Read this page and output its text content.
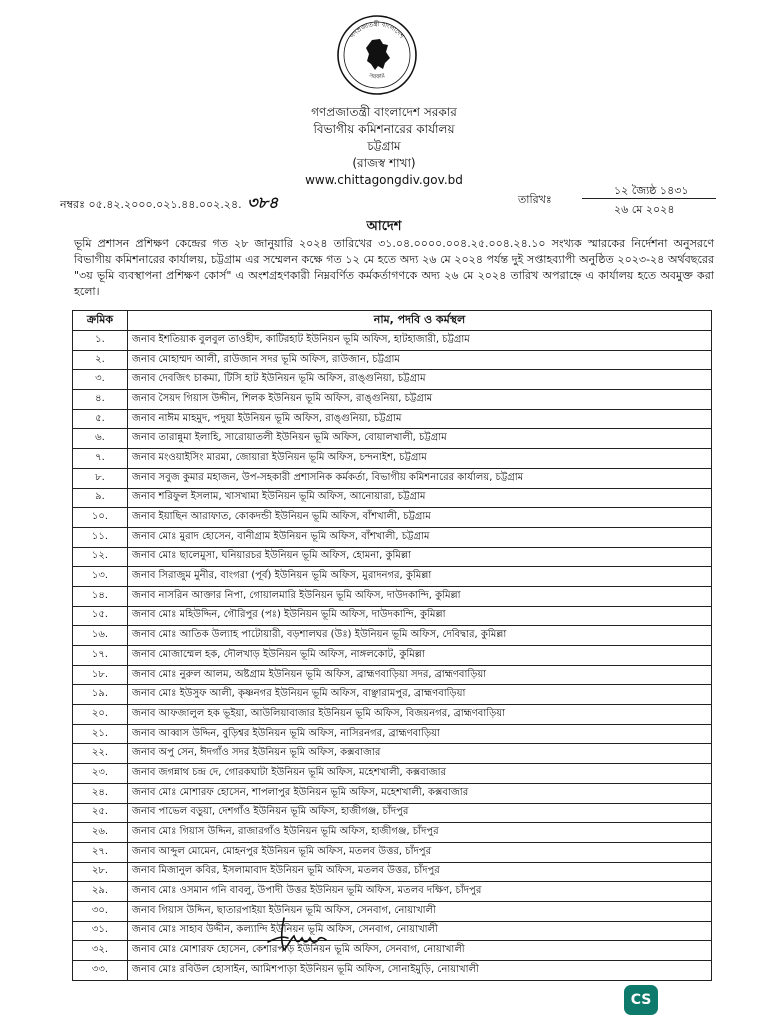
গণপ্রজাতন্ত্রী বাংলাদেশ
সরকার
গণপ্রজাতন্ত্রী বাংলাদেশ সরকার
বিভাগীয় কমিশনারের কার্যালয়
চট্টগ্রাম
(রাজস্ব শাখা)
www.chittagongdiv.gov.bd
নম্বরঃ ০৫.৪২.২০০০.০২১.৪৪.০০২.২৪. ৩৮৪	তারিখঃ
১২ জ্যৈষ্ঠ ১৪৩১
২৬ মে ২০২৪
আদেশ
ভূমি প্রশাসন প্রশিক্ষণ কেন্দ্রের গত ২৮ জানুয়ারি ২০২৪ তারিখের ৩১.০৪.০০০০.০০৪.২৫.০০৪.২৪.১০ সংখ্যক স্মারকের নির্দেশনা অনুসরণে বিভাগীয় কমিশনারের কার্যালয়, চট্টগ্রাম এর সম্মেলন কক্ষে গত ১২ মে হতে অদ্য ২৬ মে ২০২৪ পর্যন্ত দুই সপ্তাহব্যাপী অনুষ্ঠিত ২০২৩-২৪ অর্থবছরের "৩য় ভূমি ব্যবস্থাপনা প্রশিক্ষণ কোর্স" এ অংশগ্রহণকারী নিম্নবর্ণিত কর্মকর্তাগণকে অদ্য ২৬ মে ২০২৪ তারিখ অপরাহ্নে এ কার্যালয় হতে অবমুক্ত করা হলো।
ক্রমিক	নাম, পদবি ও কর্মস্থল
১.	জনাব ইশতিয়াক বুলবুল তাওহীদ, কাটিরহাট ইউনিয়ন ভূমি অফিস, হাটহাজারী, চট্টগ্রাম
২.	জনাব মোহাম্মদ আলী, রাউজান সদর ভূমি অফিস, রাউজান, চট্টগ্রাম
৩.	জনাব দেবজিৎ চাকমা, টিসি হাট ইউনিয়ন ভূমি অফিস, রাঙ্গুনিয়া, চট্টগ্রাম
৪.	জনাব সৈয়দ গিয়াস উদ্দীন, শিলক ইউনিয়ন ভূমি অফিস, রাঙ্গুনিয়া, চট্টগ্রাম
৫.	জনাব নাঈম মাহমুদ, পদুয়া ইউনিয়ন ভূমি অফিস, রাঙ্গুনিয়া, চট্টগ্রাম
৬.	জনাব তারান্নুমা ইলাহি, সারোয়াতলী ইউনিয়ন ভূমি অফিস, বোয়ালখালী, চট্টগ্রাম
৭.	জনাব মংওয়াইসিং মারমা, জোয়ারা ইউনিয়ন ভূমি অফিস, চন্দনাইশ, চট্টগ্রাম
৮.	জনাব সবুজ কুমার মহাজন, উপ-সহকারী প্রশাসনিক কর্মকর্তা, বিভাগীয় কমিশনারের কার্যালয়, চট্টগ্রাম
৯.	জনাব শরিফুল ইসলাম, খাসখামা ইউনিয়ন ভূমি অফিস, আনোয়ারা, চট্টগ্রাম
১০.	জনাব ইয়াছিন আরাফাত, কোকদন্ডী ইউনিয়ন ভূমি অফিস, বাঁশখালী, চট্টগ্রাম
১১.	জনাব মোঃ মুরাদ হোসেন, বানীগ্রাম ইউনিয়ন ভূমি অফিস, বাঁশখালী, চট্টগ্রাম
১২.	জনাব মোঃ ছালেমুসা, ঘনিয়ারচর ইউনিয়ন ভূমি অফিস, হোমনা, কুমিল্লা
১৩.	জনাব সিরাজুম মুনীর, বাংগরা (পূর্ব) ইউনিয়ন ভূমি অফিস, মুরাদনগর, কুমিল্লা
১৪.	জনাব নাসরিন আক্তার নিপা, গোয়ালমারি ইউনিয়ন ভূমি অফিস, দাউদকান্দি, কুমিল্লা
১৫.	জনাব মোঃ মহিউদ্দিন, গৌরিপুর (পঃ) ইউনিয়ন ভূমি অফিস, দাউদকান্দি, কুমিল্লা
১৬.	জনাব মোঃ আতিক উল্যাহ পাটোয়ারী, বড়শালঘর (উঃ) ইউনিয়ন ভূমি অফিস, দেবিদ্বার, কুমিল্লা
১৭.	জনাব মোজাম্মেল হক, দৌলখাড় ইউনিয়ন ভূমি অফিস, নাঙ্গলকোট, কুমিল্লা
১৮.	জনাব মোঃ নুরুল আলম, অষ্টগ্রাম ইউনিয়ন ভূমি অফিস, ব্রাহ্মণবাড়িয়া সদর, ব্রাহ্মণবাড়িয়া
১৯.	জনাব মোঃ ইউসুফ আলী, কৃষ্ণনগর ইউনিয়ন ভূমি অফিস, বাঞ্ছারামপুর, ব্রাহ্মণবাড়িয়া
২০.	জনাব আফজালুল হক ভূইয়া, আউলিয়াবাজার ইউনিয়ন ভূমি অফিস, বিজয়নগর, ব্রাহ্মণবাড়িয়া
২১.	জনাব আব্বাস উদ্দিন, বুড়িশ্বর ইউনিয়ন ভূমি অফিস, নাসিরনগর, ব্রাহ্মণবাড়িয়া
২২.	জনাব অপু সেন, ঈদগাঁও সদর ইউনিয়ন ভূমি অফিস, কক্সবাজার
২৩.	জনাব জগন্নাথ চন্দ্র দে, গোরকঘাটা ইউনিয়ন ভূমি অফিস, মহেশখালী, কক্সবাজার
২৪.	জনাব মোঃ মোশারফ হোসেন, শাপলাপুর ইউনিয়ন ভূমি অফিস, মহেশখালী, কক্সবাজার
২৫.	জনাব পাভেল বড়ুয়া, দেশগাঁও ইউনিয়ন ভূমি অফিস, হাজীগঞ্জ, চাঁদপুর
২৬.	জনাব মোঃ গিয়াস উদ্দিন, রাজারগাঁও ইউনিয়ন ভূমি অফিস, হাজীগঞ্জ, চাঁদপুর
২৭.	জনাব আব্দুল মোমেন, মোহনপুর ইউনিয়ন ভূমি অফিস, মতলব উত্তর, চাঁদপুর
২৮.	জনাব মিজানুল কবির, ইসলামাবাদ ইউনিয়ন ভূমি অফিস, মতলব উত্তর, চাঁদপুর
২৯.	জনাব মোঃ ওসমান গনি বাবলু, উপাদী উত্তর ইউনিয়ন ভূমি অফিস, মতলব দক্ষিণ, চাঁদপুর
৩০.	জনাব গিয়াস উদ্দিন, ছাতারপাইয়া ইউনিয়ন ভূমি অফিস, সেনবাগ, নোয়াখালী
৩১.	জনাব মোঃ সাহাব উদ্দীন, কল্যান্দি ইউনিয়ন ভূমি অফিস, সেনবাগ, নোয়াখালী
৩২.	জনাব মোঃ মোশারফ হোসেন, কেশারপাড় ইউনিয়ন ভূমি অফিস, সেনবাগ, নোয়াখালী
৩৩.	জনাব মোঃ রবিউল হোসাইন, আমিশপাড়া ইউনিয়ন ভূমি অফিস, সোনাইমুড়ি, নোয়াখালী
CS
